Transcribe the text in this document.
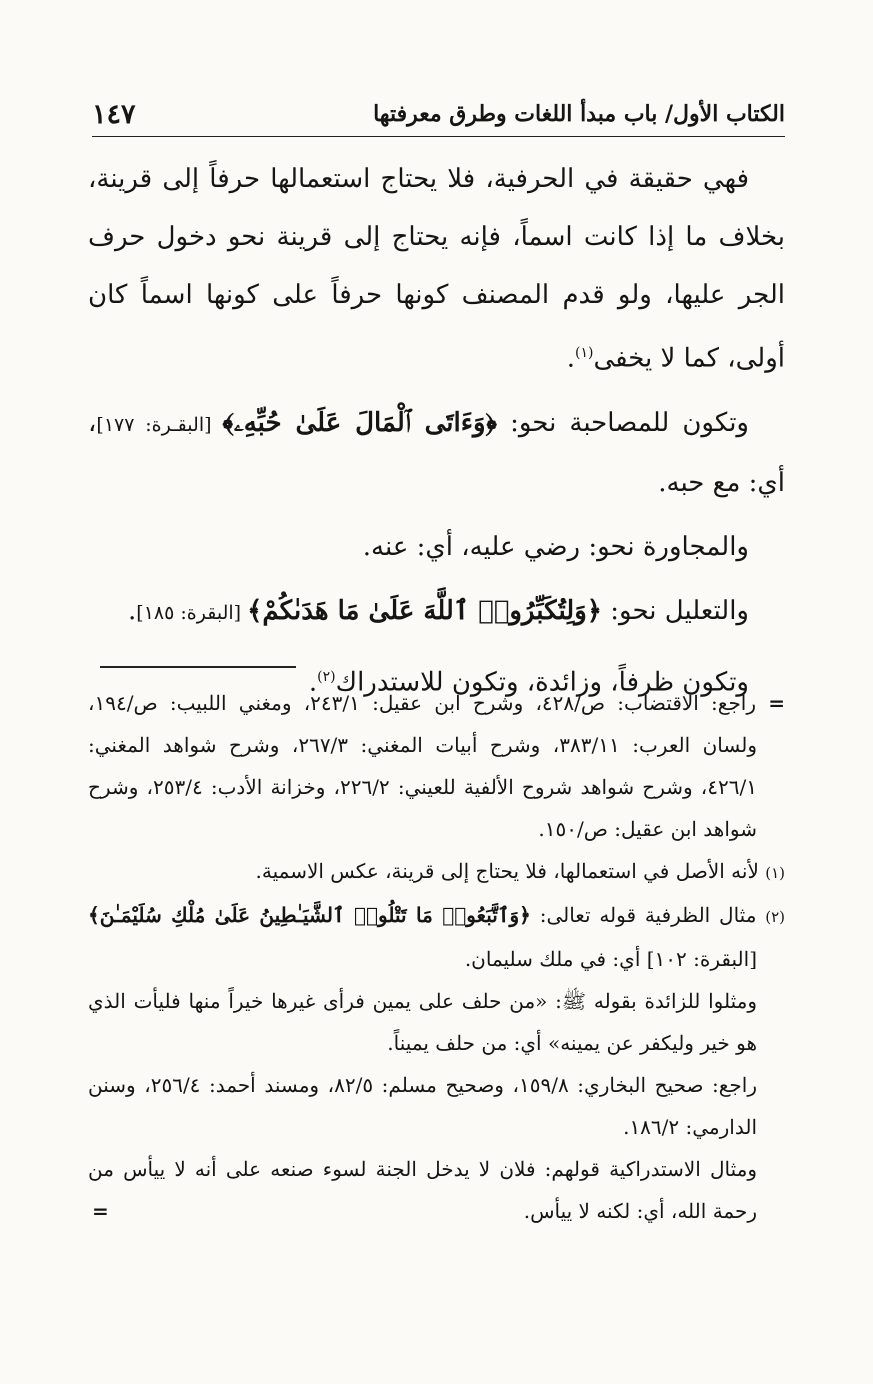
الكتاب الأول/ باب مبدأ اللغات وطرق معرفتها
١٤٧

فهي حقيقة في الحرفية، فلا يحتاج استعمالها حرفاً إلى قرينة، بخلاف ما إذا كانت اسماً، فإنه يحتاج إلى قرينة نحو دخول حرف الجر عليها، ولو قدم المصنف كونها حرفاً على كونها اسماً كان أولى، كما لا يخفى$^{(١)}$.

وتكون للمصاحبة نحو: ﴿وَءَاتَى ٱلْمَالَ عَلَىٰ حُبِّهِۦ﴾ [البقـرة: ١٧٧]، أي: مع حبه.

والمجاورة نحو: رضي عليه، أي: عنه.

والتعليل نحو: ﴿وَلِتُكَبِّرُوا۟ ٱللَّهَ عَلَىٰ مَا هَدَىٰكُمْ﴾ [البقرة: ١٨٥].

وتكون ظرفاً، وزائدة، وتكون للاستدراك$^{(٢)}$.

= راجع: الاقتضاب: ص/٤٢٨، وشرح ابن عقيل: ٢٤٣/١، ومغني اللبيب: ص/١٩٤، ولسان العرب: ٣٨٣/١١، وشرح أبيات المغني: ٢٦٧/٣، وشرح شواهد المغني: ٤٢٦/١، وشرح شواهد شروح الألفية للعيني: ٢٢٦/٢، وخزانة الأدب: ٢٥٣/٤، وشرح شواهد ابن عقيل: ص/١٥٠.

(١) لأنه الأصل في استعمالها، فلا يحتاج إلى قرينة، عكس الاسمية.

(٢) مثال الظرفية قوله تعالى: ﴿وَٱتَّبَعُوا۟ مَا تَتْلُوا۟ ٱلشَّيَـٰطِينُ عَلَىٰ مُلْكِ سُلَيْمَـٰنَ﴾[البقرة: ١٠٢] أي: في ملك سليمان.

ومثلوا للزائدة بقوله ﷺ: «من حلف على يمين فرأى غيرها خيراً منها فليأت الذي هو خير وليكفر عن يمينه» أي: من حلف يميناً.

راجع: صحيح البخاري: ١٥٩/٨، وصحيح مسلم: ٨٢/٥، ومسند أحمد: ٢٥٦/٤، وسنن الدارمي: ١٨٦/٢.

ومثال الاستدراكية قولهم: فلان لا يدخل الجنة لسوء صنعه على أنه لا ييأس من رحمة الله، أي: لكنه لا ييأس.
=
